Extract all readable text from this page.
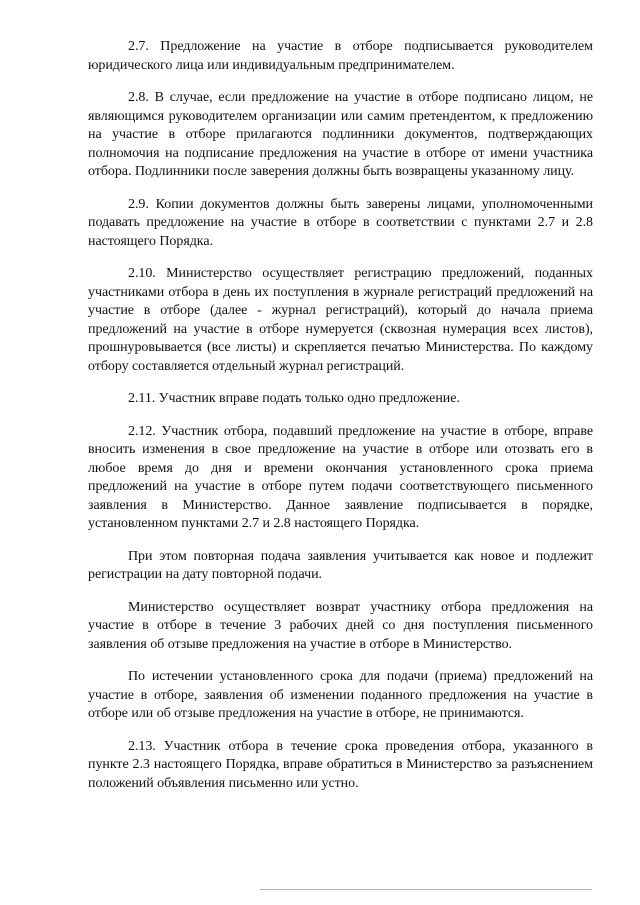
2.7. Предложение на участие в отборе подписывается руководителем юридического лица или индивидуальным предпринимателем.

2.8. В случае, если предложение на участие в отборе подписано лицом, не являющимся руководителем организации или самим претендентом, к предложению на участие в отборе прилагаются подлинники документов, подтверждающих полномочия на подписание предложения на участие в отборе от имени участника отбора. Подлинники после заверения должны быть возвращены указанному лицу.

2.9. Копии документов должны быть заверены лицами, уполномоченными подавать предложение на участие в отборе в соответствии с пунктами 2.7 и 2.8 настоящего Порядка.

2.10. Министерство осуществляет регистрацию предложений, поданных участниками отбора в день их поступления в журнале регистраций предложений на участие в отборе (далее - журнал регистраций), который до начала приема предложений на участие в отборе нумеруется (сквозная нумерация всех листов), прошнуровывается (все листы) и скрепляется печатью Министерства. По каждому отбору составляется отдельный журнал регистраций.

2.11. Участник вправе подать только одно предложение.

2.12. Участник отбора, подавший предложение на участие в отборе, вправе вносить изменения в свое предложение на участие в отборе или отозвать его в любое время до дня и времени окончания установленного срока приема предложений на участие в отборе путем подачи соответствующего письменного заявления в Министерство. Данное заявление подписывается в порядке, установленном пунктами 2.7 и 2.8 настоящего Порядка.

При этом повторная подача заявления учитывается как новое и подлежит регистрации на дату повторной подачи.

Министерство осуществляет возврат участнику отбора предложения на участие в отборе в течение 3 рабочих дней со дня поступления письменного заявления об отзыве предложения на участие в отборе в Министерство.

По истечении установленного срока для подачи (приема) предложений на участие в отборе, заявления об изменении поданного предложения на участие в отборе или об отзыве предложения на участие в отборе, не принимаются.

2.13. Участник отбора в течение срока проведения отбора, указанного в пункте 2.3 настоящего Порядка, вправе обратиться в Министерство за разъяснением положений объявления письменно или устно.
